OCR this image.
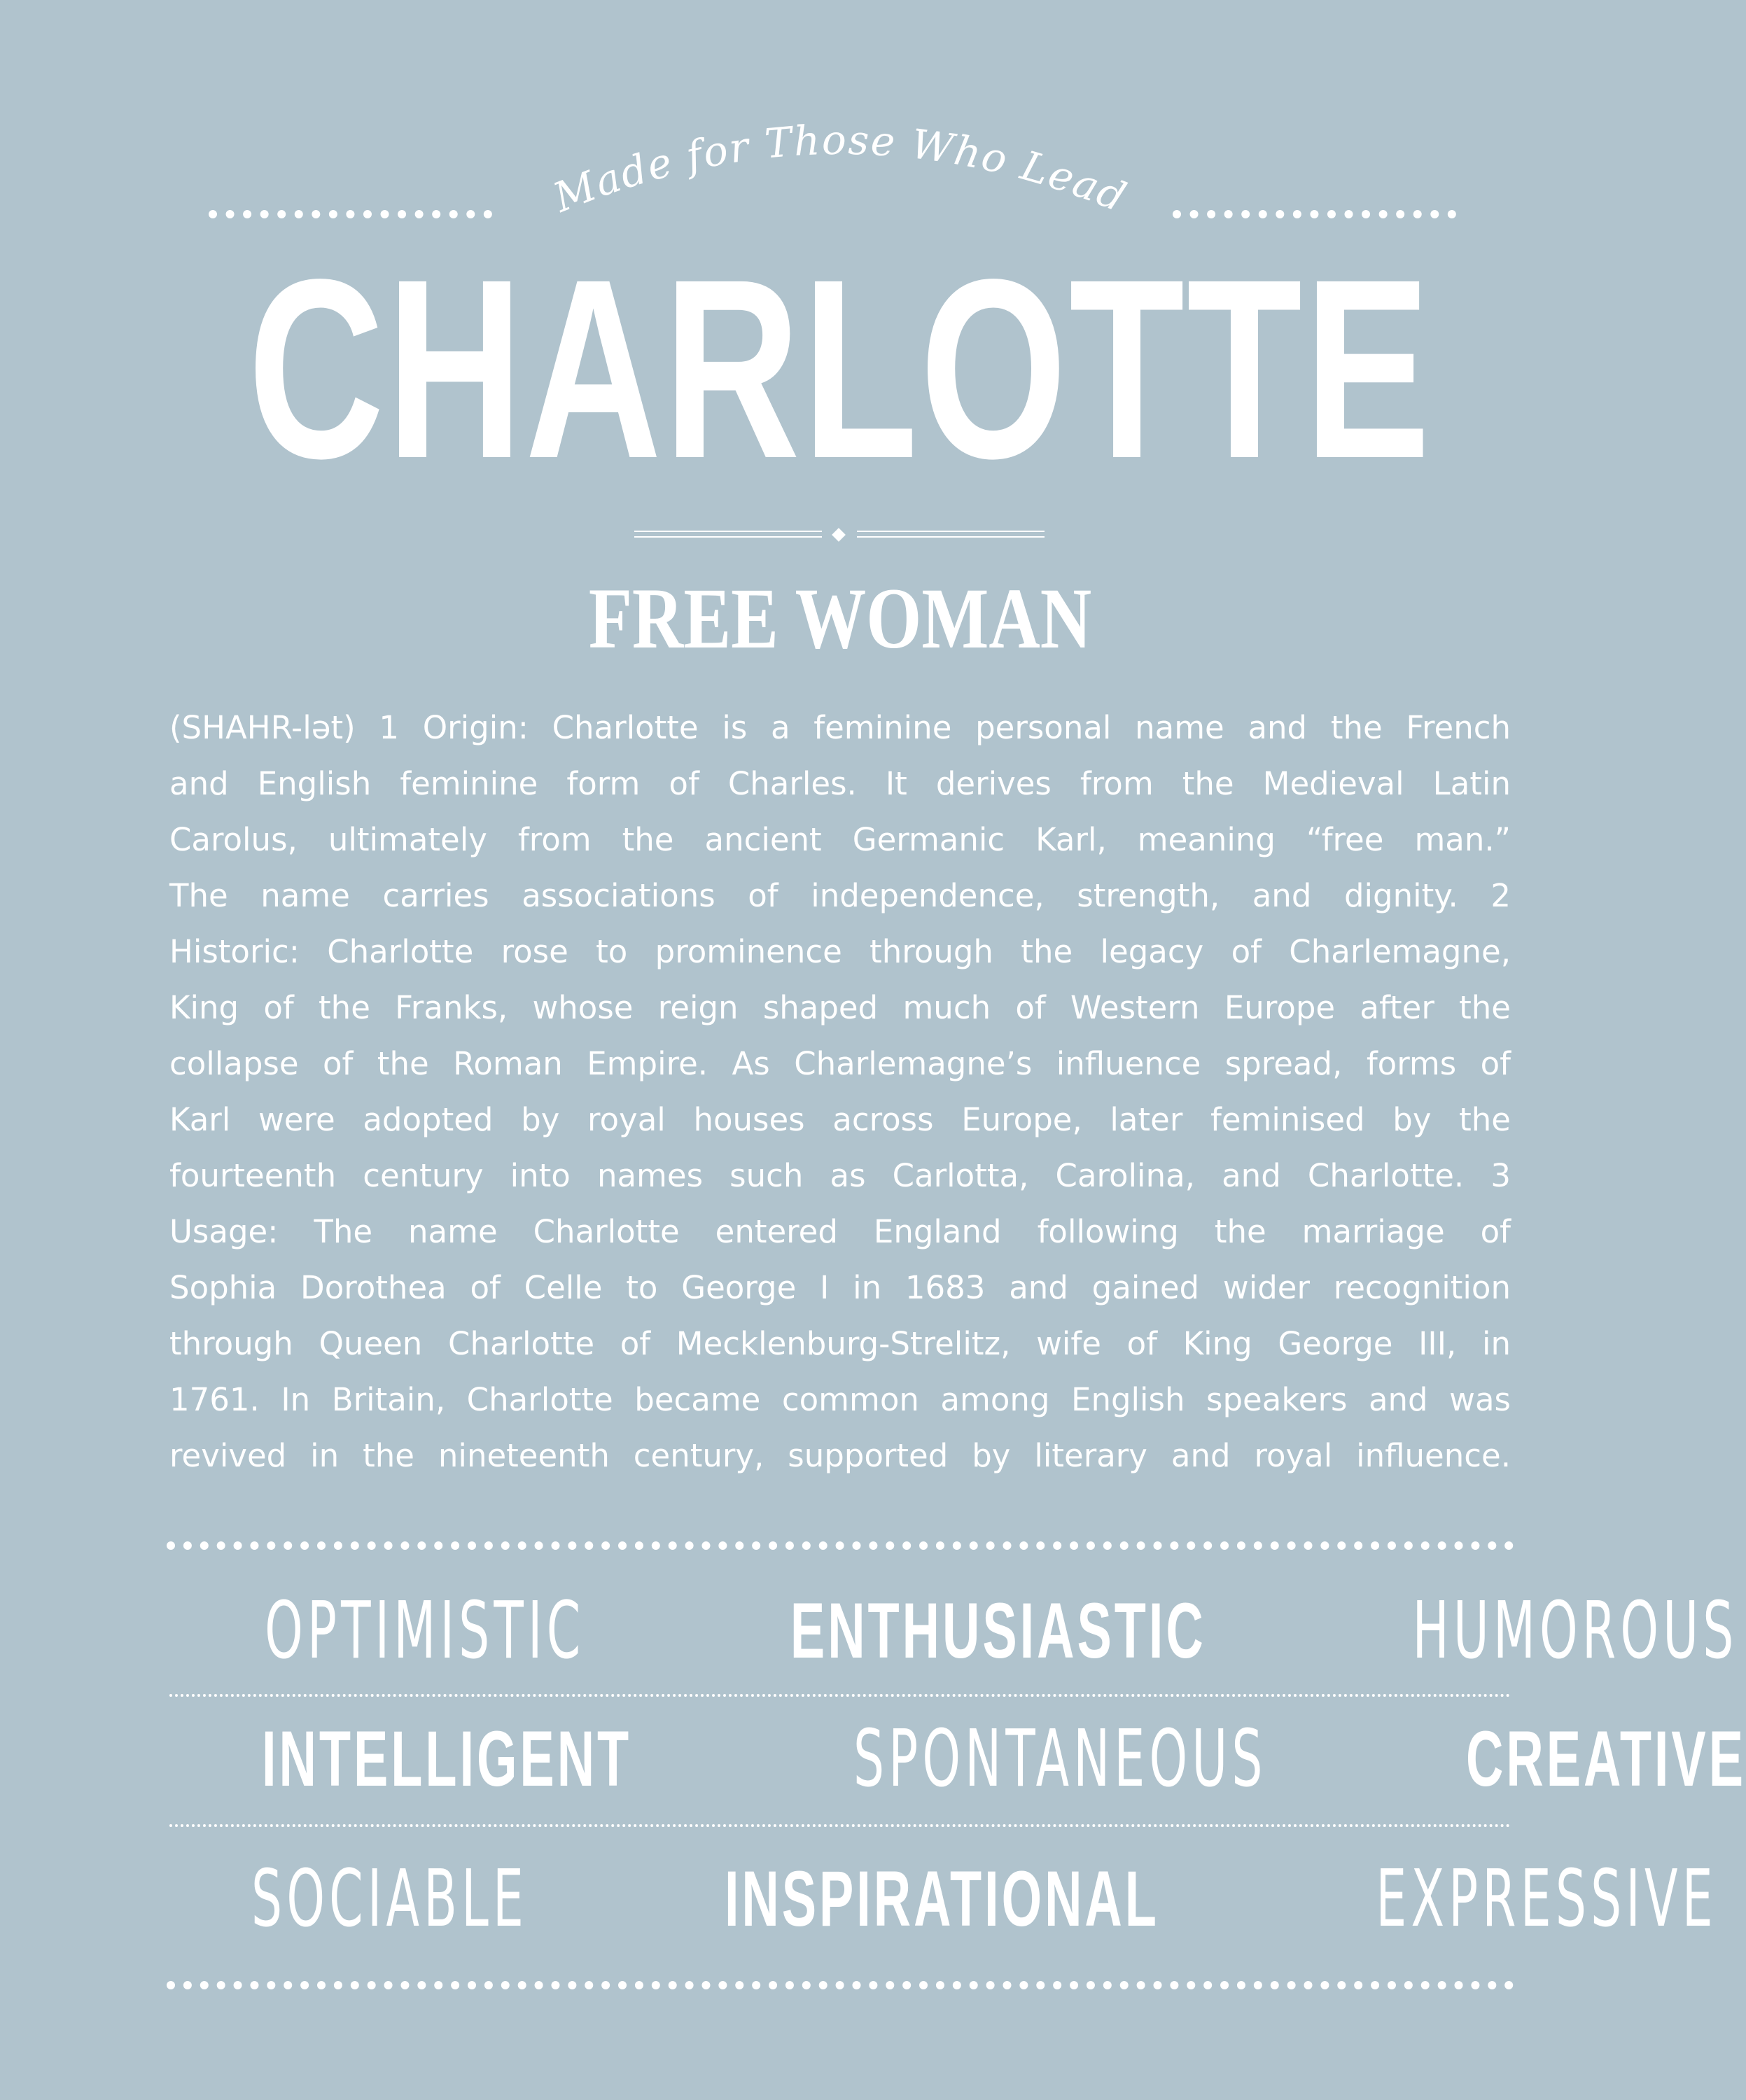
Made for Those Who Lead
CHARLOTTE
FREE WOMAN
(SHAHR-lət) 1 Origin: Charlotte is a feminine personal name and the French
and English feminine form of Charles. It derives from the Medieval Latin
Carolus, ultimately from the ancient Germanic Karl, meaning “free man.”
The name carries associations of independence, strength, and dignity. 2
Historic: Charlotte rose to prominence through the legacy of Charlemagne,
King of the Franks, whose reign shaped much of Western Europe after the
collapse of the Roman Empire. As Charlemagne’s influence spread, forms of
Karl were adopted by royal houses across Europe, later feminised by the
fourteenth century into names such as Carlotta, Carolina, and Charlotte. 3
Usage: The name Charlotte entered England following the marriage of
Sophia Dorothea of Celle to George I in 1683 and gained wider recognition
through Queen Charlotte of Mecklenburg-Strelitz, wife of King George III, in
1761. In Britain, Charlotte became common among English speakers and was
revived in the nineteenth century, supported by literary and royal influence.
OPTIMISTIC	ENTHUSIASTIC	HUMOROUS
INTELLIGENT	SPONTANEOUS	CREATIVE
SOCIABLE	INSPIRATIONAL	EXPRESSIVE
